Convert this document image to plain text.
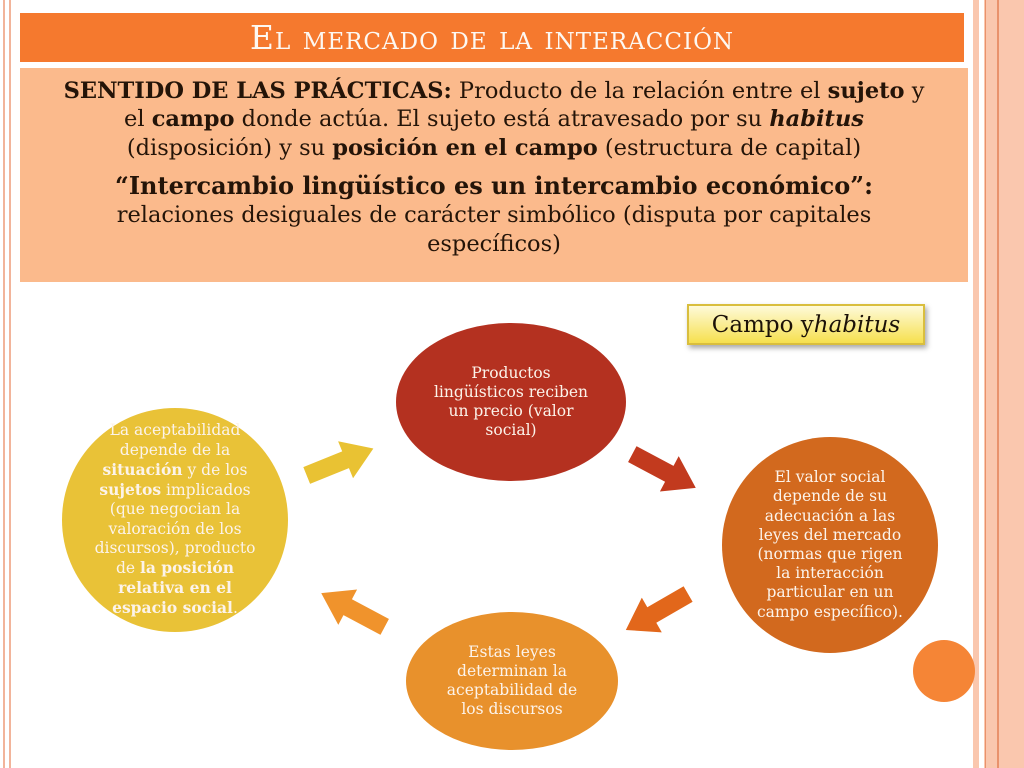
El mercado de la interacción

SENTIDO DE LAS PRÁCTICAS: Producto de la relación entre el sujeto y el campo donde actúa. El sujeto está atravesado por su habitus (disposición) y su posición en el campo (estructura de capital)

“Intercambio lingüístico es un intercambio económico”: relaciones desiguales de carácter simbólico (disputa por capitales específicos)

Campo y habitus
Productos lingüísticos reciben un precio (valor social)
La aceptabilidad depende de la situación y de los sujetos implicados (que negocian la valoración de los discursos), producto de la posición relativa en el espacio social.
El valor social depende de su adecuación a las leyes del mercado (normas que rigen la interacción particular en un campo específico).
Estas leyes determinan la aceptabilidad de los discursos
